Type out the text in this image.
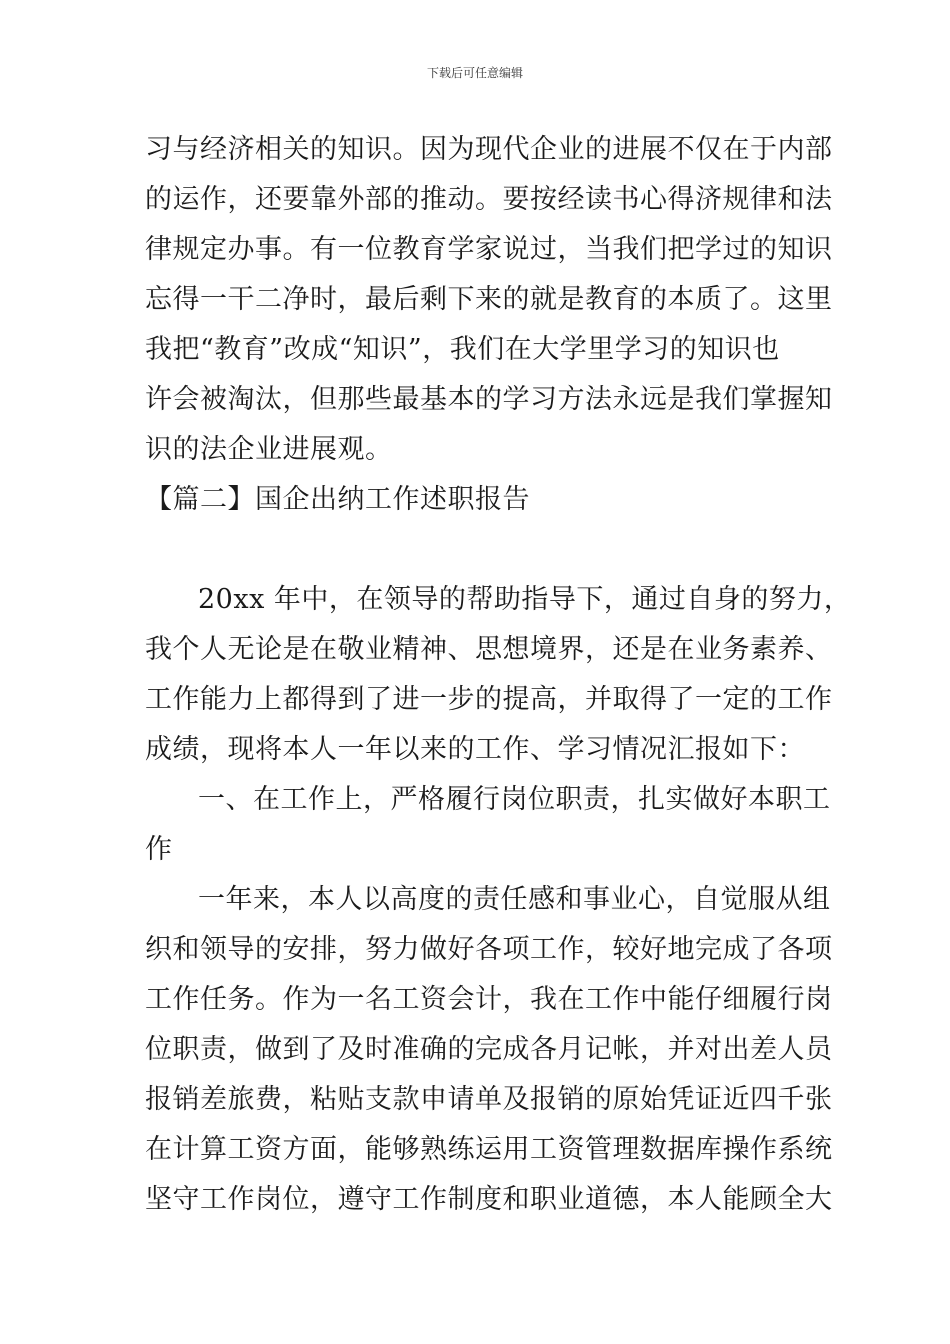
下载后可任意编辑
习与经济相关的知识。因为现代企业的进展不仅在于内部
的运作，还要靠外部的推动。要按经读书心得济规律和法
律规定办事。有一位教育学家说过，当我们把学过的知识
忘得一干二净时，最后剩下来的就是教育的本质了。这里
我把“教育”改成“知识”，我们在大学里学习的知识也
许会被淘汰，但那些最基本的学习方法永远是我们掌握知
识的法企业进展观。
【篇二】国企出纳工作述职报告
20xx 年中，在领导的帮助指导下，通过自身的努力，
我个人无论是在敬业精神、思想境界，还是在业务素养、
工作能力上都得到了进一步的提高，并取得了一定的工作
成绩，现将本人一年以来的工作、学习情况汇报如下：
一、在工作上，严格履行岗位职责，扎实做好本职工
作
一年来，本人以高度的责任感和事业心，自觉服从组
织和领导的安排，努力做好各项工作，较好地完成了各项
工作任务。作为一名工资会计，我在工作中能仔细履行岗
位职责，做到了及时准确的完成各月记帐，并对出差人员
报销差旅费，粘贴支款申请单及报销的原始凭证近四千张
在计算工资方面，能够熟练运用工资管理数据库操作系统
坚守工作岗位，遵守工作制度和职业道德，本人能顾全大
